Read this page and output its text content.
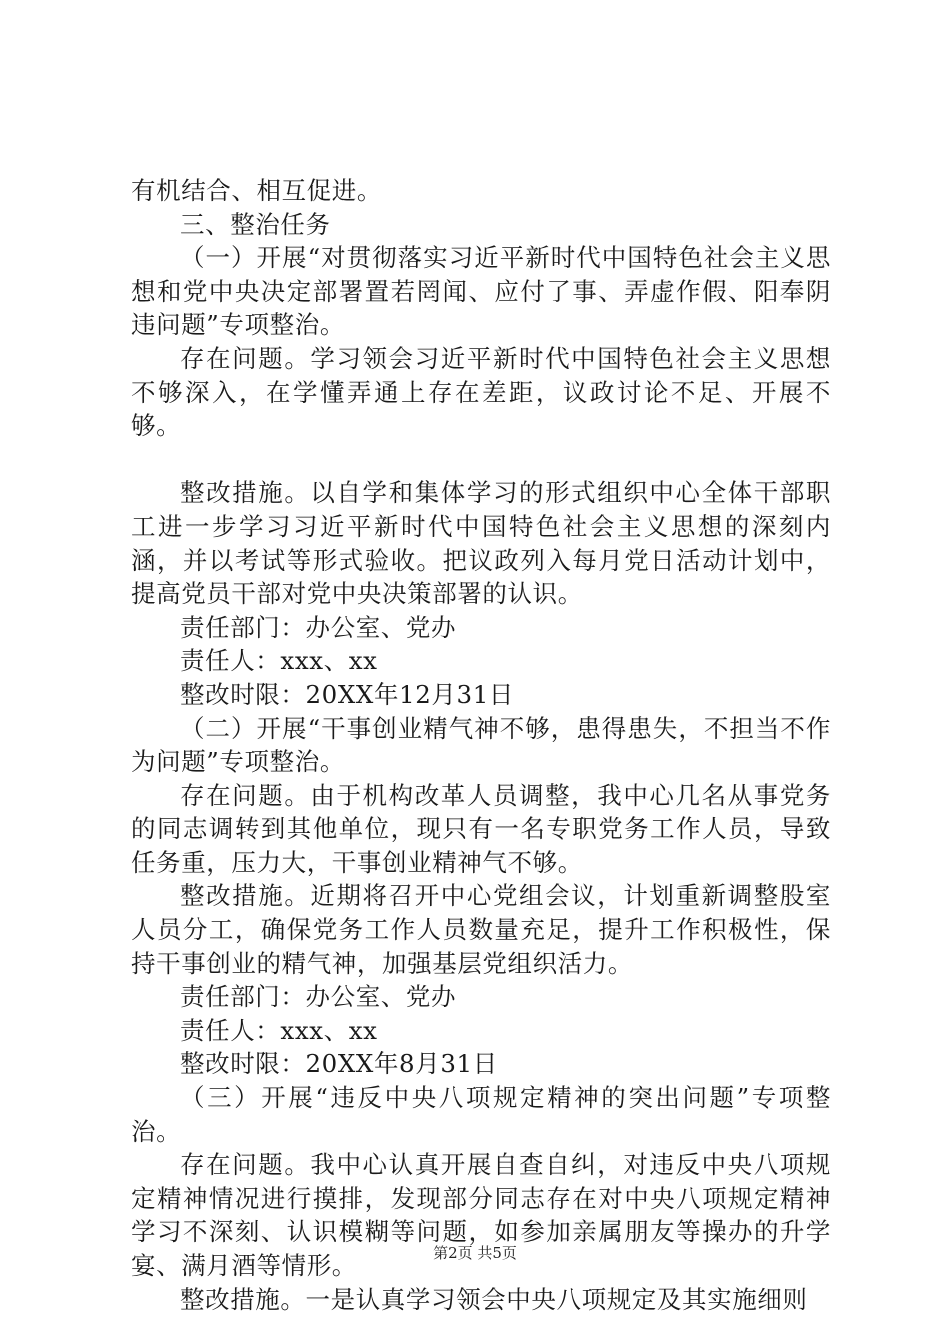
有机结合、相互促进。

三、整治任务

（一）开展“对贯彻落实习近平新时代中国特色社会主义思想和党中央决定部署置若罔闻、应付了事、弄虚作假、阳奉阴违问题”专项整治。

存在问题。学习领会习近平新时代中国特色社会主义思想不够深入，在学懂弄通上存在差距，议政讨论不足、开展不够。

整改措施。以自学和集体学习的形式组织中心全体干部职工进一步学习习近平新时代中国特色社会主义思想的深刻内涵，并以考试等形式验收。把议政列入每月党日活动计划中，提高党员干部对党中央决策部署的认识。

责任部门：办公室、党办

责任人：xxx、xx

整改时限：20XX年12月31日

（二）开展“干事创业精气神不够，患得患失，不担当不作为问题”专项整治。

存在问题。由于机构改革人员调整，我中心几名从事党务的同志调转到其他单位，现只有一名专职党务工作人员，导致任务重，压力大，干事创业精神气不够。

整改措施。近期将召开中心党组会议，计划重新调整股室人员分工，确保党务工作人员数量充足，提升工作积极性，保持干事创业的精气神，加强基层党组织活力。

责任部门：办公室、党办

责任人：xxx、xx

整改时限：20XX年8月31日

（三）开展“违反中央八项规定精神的突出问题”专项整治。

存在问题。我中心认真开展自查自纠，对违反中央八项规定精神情况进行摸排，发现部分同志存在对中央八项规定精神学习不深刻、认识模糊等问题，如参加亲属朋友等操办的升学宴、满月酒等情形。

整改措施。一是认真学习领会中央八项规定及其实施细则

第2页 共5页
